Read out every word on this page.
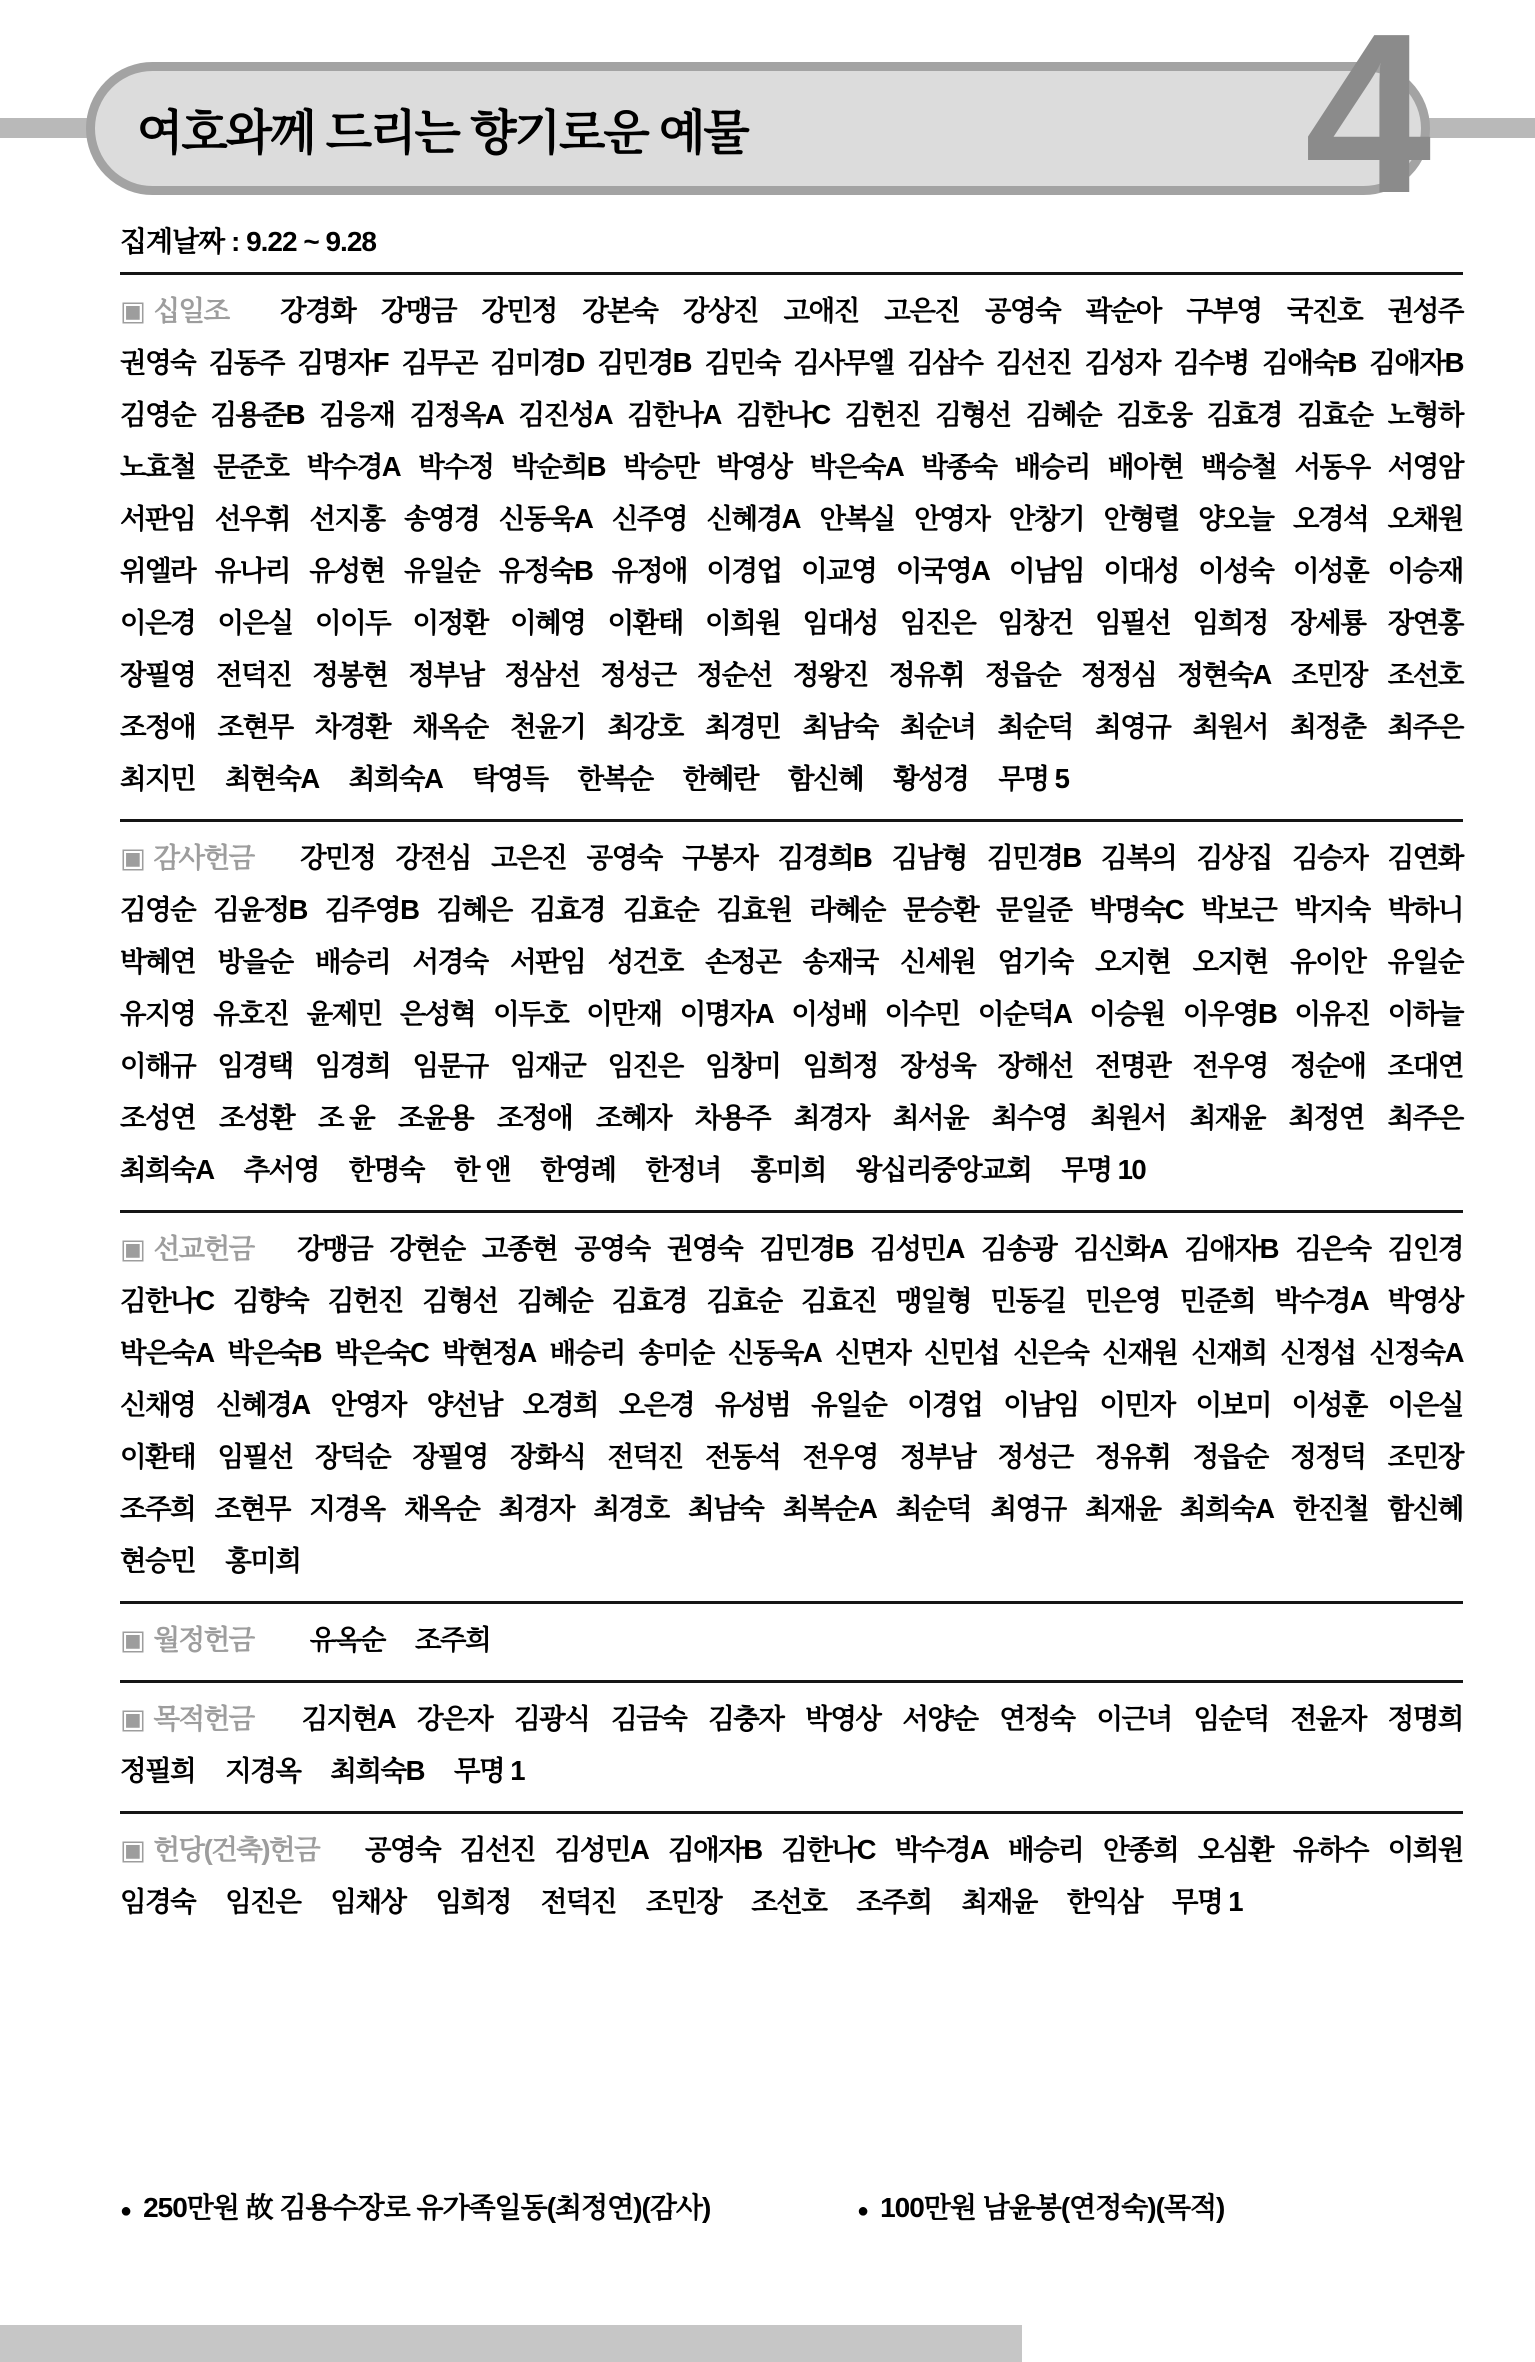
여호와께 드리는 향기로운 예물 4
집계날짜 : 9.22 ~ 9.28
▣ 십일조 강경화 강맹금 강민정 강본숙 강상진 고애진 고은진 공영숙 곽순아 구부영 국진호 권성주
권영숙 김동주 김명자F 김무곤 김미경D 김민경B 김민숙 김사무엘 김삼수 김선진 김성자 김수병 김애숙B 김애자B
김영순 김용준B 김응재 김정옥A 김진성A 김한나A 김한나C 김헌진 김형선 김혜순 김호웅 김효경 김효순 노형하
노효철 문준호 박수경A 박수정 박순희B 박승만 박영상 박은숙A 박종숙 배승리 배아현 백승철 서동우 서영암
서판임 선우휘 선지홍 송영경 신동욱A 신주영 신혜경A 안복실 안영자 안창기 안형렬 양오늘 오경석 오채원
위엘라 유나리 유성현 유일순 유정숙B 유정애 이경업 이교영 이국영A 이남임 이대성 이성숙 이성훈 이승재
이은경 이은실 이이두 이정환 이혜영 이환태 이희원 임대성 임진은 임창건 임필선 임희정 장세룡 장연홍
장필영 전덕진 정봉현 정부남 정삼선 정성근 정순선 정왕진 정유휘 정읍순 정정심 정현숙A 조민장 조선호
조정애 조현무 차경환 채옥순 천윤기 최강호 최경민 최남숙 최순녀 최순덕 최영규 최원서 최정춘 최주은
최지민 최현숙A 최희숙A 탁영득 한복순 한혜란 함신혜 황성경 무명 5
▣ 감사헌금 강민정 강전심 고은진 공영숙 구봉자 김경희B 김남형 김민경B 김복의 김상집 김승자 김연화
김영순 김윤정B 김주영B 김혜은 김효경 김효순 김효원 라혜순 문승환 문일준 박명숙C 박보근 박지숙 박하니
박혜연 방을순 배승리 서경숙 서판임 성건호 손정곤 송재국 신세원 엄기숙 오지현 오지현 유이안 유일순
유지영 유호진 윤제민 은성혁 이두호 이만재 이명자A 이성배 이수민 이순덕A 이승원 이우영B 이유진 이하늘
이해규 임경택 임경희 임문규 임재군 임진은 임창미 임희정 장성욱 장해선 전명관 전우영 정순애 조대연
조성연 조성환 조 윤 조윤용 조정애 조혜자 차용주 최경자 최서윤 최수영 최원서 최재윤 최정연 최주은
최희숙A 추서영 한명숙 한 앤 한영례 한정녀 홍미희 왕십리중앙교회 무명 10
▣ 선교헌금 강맹금 강현순 고종현 공영숙 권영숙 김민경B 김성민A 김송광 김신화A 김애자B 김은숙 김인경
김한나C 김향숙 김헌진 김형선 김혜순 김효경 김효순 김효진 맹일형 민동길 민은영 민준희 박수경A 박영상
박은숙A 박은숙B 박은숙C 박현정A 배승리 송미순 신동욱A 신면자 신민섭 신은숙 신재원 신재희 신정섭 신정숙A
신채영 신혜경A 안영자 양선남 오경희 오은경 유성범 유일순 이경업 이남임 이민자 이보미 이성훈 이은실
이환태 임필선 장덕순 장필영 장화식 전덕진 전동석 전우영 정부남 정성근 정유휘 정읍순 정정덕 조민장
조주희 조현무 지경옥 채옥순 최경자 최경호 최남숙 최복순A 최순덕 최영규 최재윤 최희숙A 한진철 함신혜
현승민 홍미희
▣ 월정헌금 유옥순 조주희
▣ 목적헌금 김지현A 강은자 김광식 김금숙 김충자 박영상 서양순 연정숙 이근녀 임순덕 전윤자 정명희
정필희 지경옥 최희숙B 무명 1
▣ 헌당(건축)헌금 공영숙 김선진 김성민A 김애자B 김한나C 박수경A 배승리 안종희 오심환 유하수 이희원
임경숙 임진은 임채상 임희정 전덕진 조민장 조선호 조주희 최재윤 한익삼 무명 1
● 250만원 故 김용수장로 유가족일동(최정연)(감사)	● 100만원 남윤봉(연정숙)(목적)
